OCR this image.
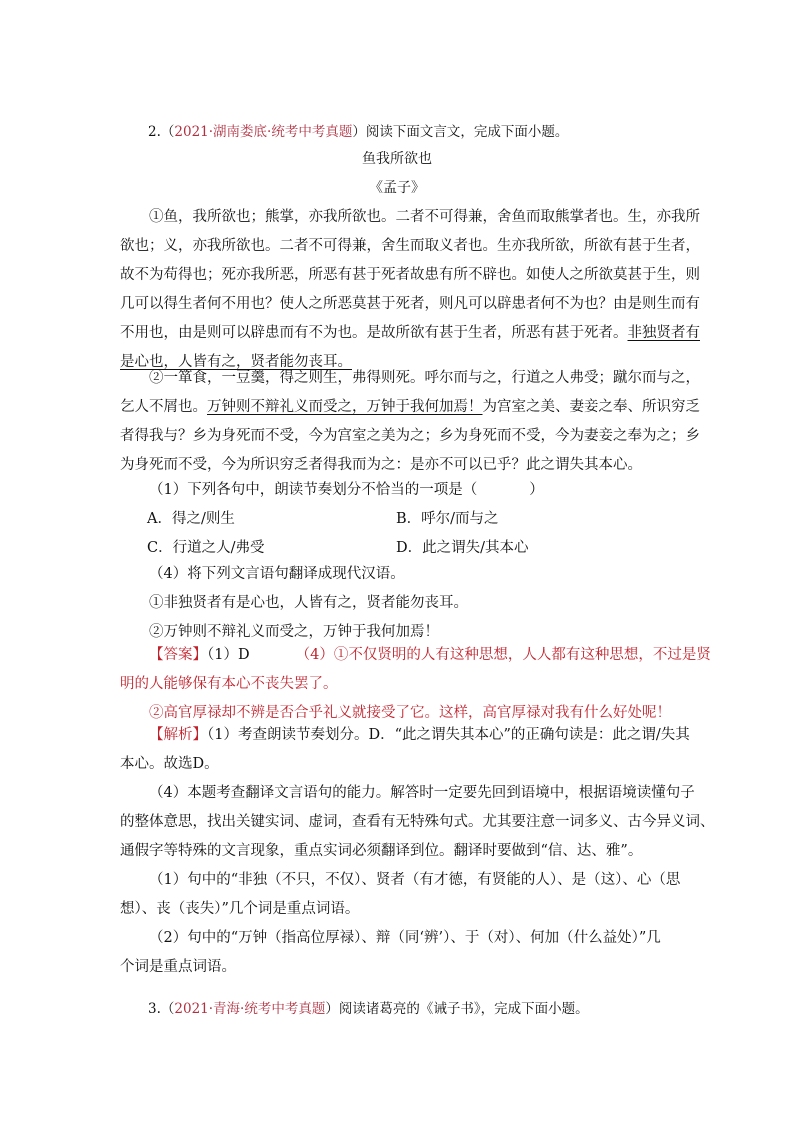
2.（2021·湖南娄底·统考中考真题）阅读下面文言文，完成下面小题。
鱼我所欲也
《孟子》
①鱼，我所欲也；熊掌，亦我所欲也。二者不可得兼，舍鱼而取熊掌者也。生，亦我所
欲也；义，亦我所欲也。二者不可得兼，舍生而取义者也。生亦我所欲，所欲有甚于生者，
故不为苟得也；死亦我所恶，所恶有甚于死者故患有所不辟也。如使人之所欲莫甚于生，则
几可以得生者何不用也？使人之所恶莫甚于死者，则凡可以辟患者何不为也？由是则生而有
不用也，由是则可以辟患而有不为也。是故所欲有甚于生者，所恶有甚于死者。非独贤者有
是心也，人皆有之，贤者能勿丧耳。
②一箪食，一豆羹，得之则生，弗得则死。呼尔而与之，行道之人弗受；蹴尔而与之，
乞人不屑也。万钟则不辩礼义而受之，万钟于我何加焉！为宫室之美、妻妾之奉、所识穷乏
者得我与？乡为身死而不受，今为宫室之美为之；乡为身死而不受，今为妻妾之奉为之；乡
为身死而不受，今为所识穷乏者得我而为之：是亦不可以已乎？此之谓失其本心。
（1）下列各句中，朗读节奏划分不恰当的一项是（	）
A．得之/则生	B．呼尔/而与之
C．行道之人/弗受	D．此之谓失/其本心
（4）将下列文言语句翻译成现代汉语。
①非独贤者有是心也，人皆有之，贤者能勿丧耳。
②万钟则不辩礼义而受之，万钟于我何加焉！
【答案】（1）D	（4）①不仅贤明的人有这种思想，人人都有这种思想，不过是贤
明的人能够保有本心不丧失罢了。
②高官厚禄却不辨是否合乎礼义就接受了它。这样，高官厚禄对我有什么好处呢！
【解析】（1）考查朗读节奏划分。D．“此之谓失其本心”的正确句读是：此之谓/失其
本心。故选D。
（4）本题考查翻译文言语句的能力。解答时一定要先回到语境中，根据语境读懂句子
的整体意思，找出关键实词、虚词，查看有无特殊句式。尤其要注意一词多义、古今异义词、
通假字等特殊的文言现象，重点实词必须翻译到位。翻译时要做到“信、达、雅”。
（1）句中的“非独（不只，不仅）、贤者（有才德，有贤能的人）、是（这）、心（思
想）、丧（丧失）”几个词是重点词语。
（2）句中的“万钟（指高位厚禄）、辩（同‘辨’）、于（对）、何加（什么益处）”几
个词是重点词语。
3.（2021·青海·统考中考真题）阅读诸葛亮的《诫子书》，完成下面小题。
